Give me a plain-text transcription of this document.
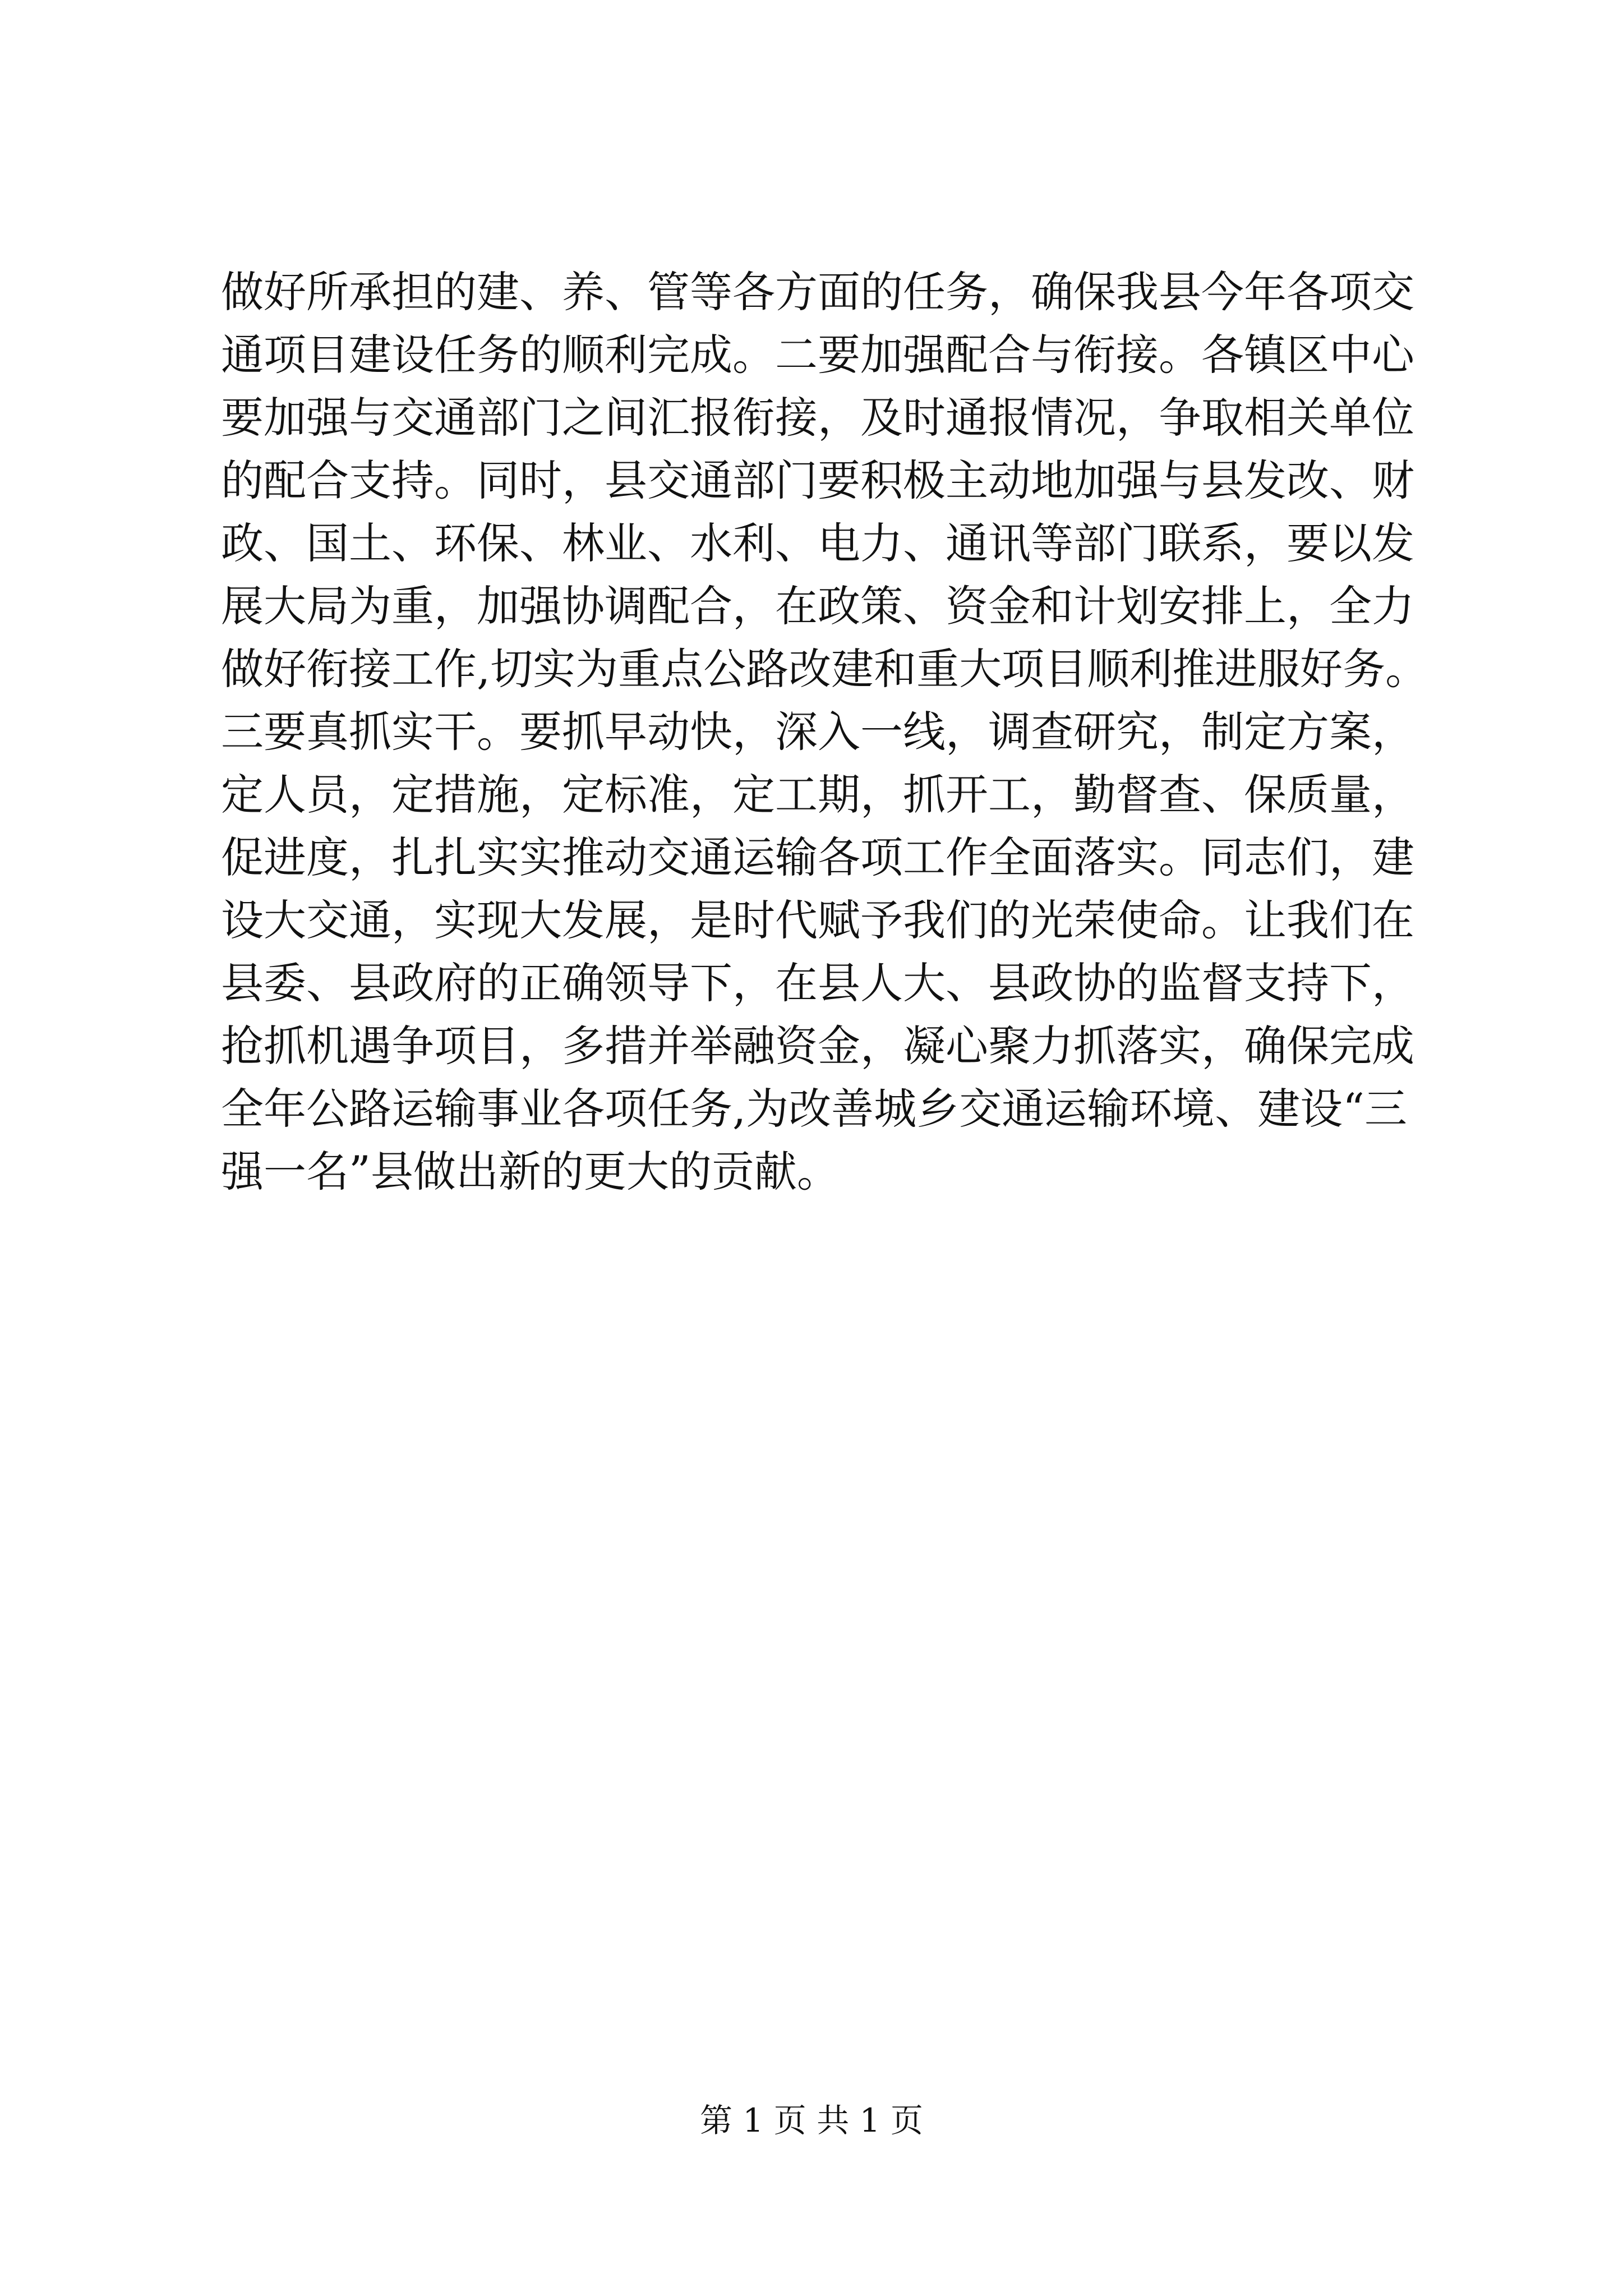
做好所承担的建、养、管等各方面的任务，确保我县今年各项交

通项目建设任务的顺利完成。二要加强配合与衔接。各镇区中心

要加强与交通部门之间汇报衔接，及时通报情况，争取相关单位

的配合支持。同时，县交通部门要积极主动地加强与县发改、财

政、国土、环保、林业、水利、电力、通讯等部门联系，要以发

展大局为重，加强协调配合，在政策、资金和计划安排上，全力

做好衔接工作,切实为重点公路改建和重大项目顺利推进服好务。

三要真抓实干。要抓早动快，深入一线，调查研究，制定方案，

定人员，定措施，定标准，定工期，抓开工，勤督查、保质量，

促进度，扎扎实实推动交通运输各项工作全面落实。同志们，建

设大交通，实现大发展，是时代赋予我们的光荣使命。让我们在

县委、县政府的正确领导下，在县人大、县政协的监督支持下，

抢抓机遇争项目，多措并举融资金，凝心聚力抓落实，确保完成

全年公路运输事业各项任务,为改善城乡交通运输环境、建设“三

强一名”县做出新的更大的贡献。

第 1 页 共 1 页
